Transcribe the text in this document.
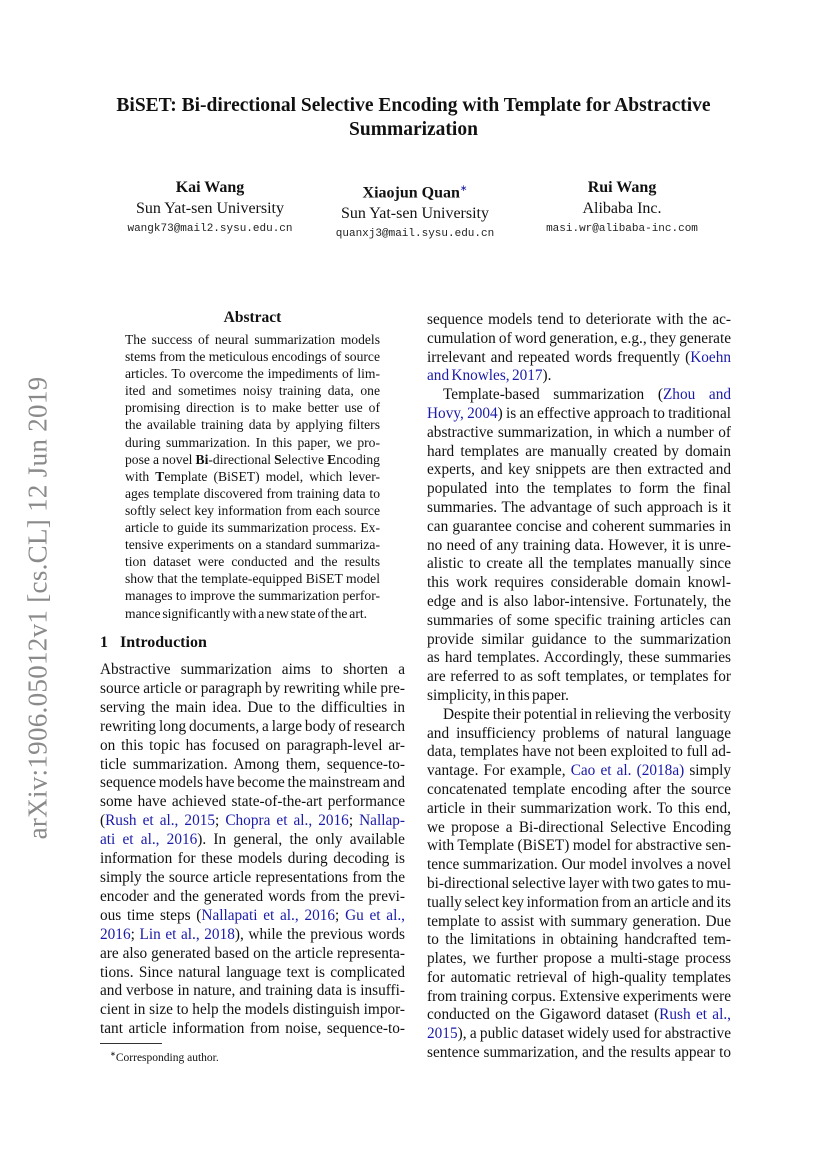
arXiv:1906.05012v1 [cs.CL] 12 Jun 2019
BiSET: Bi-directional Selective Encoding with Template for Abstractive
Summarization
Kai Wang
Sun Yat-sen University
wangk73@mail2.sysu.edu.cn
Xiaojun Quan∗
Sun Yat-sen University
quanxj3@mail.sysu.edu.cn
Rui Wang
Alibaba Inc.
masi.wr@alibaba-inc.com
Abstract
The success of neural summarization models
stems from the meticulous encodings of source
articles. To overcome the impediments of lim-
ited and sometimes noisy training data, one
promising direction is to make better use of
the available training data by applying filters
during summarization. In this paper, we pro-
pose a novel Bi-directional Selective Encoding
with Template (BiSET) model, which lever-
ages template discovered from training data to
softly select key information from each source
article to guide its summarization process. Ex-
tensive experiments on a standard summariza-
tion dataset were conducted and the results
show that the template-equipped BiSET model
manages to improve the summarization perfor-
mance significantly with a new state of the art.
1 Introduction
Abstractive summarization aims to shorten a
source article or paragraph by rewriting while pre-
serving the main idea. Due to the difficulties in
rewriting long documents, a large body of research
on this topic has focused on paragraph-level ar-
ticle summarization. Among them, sequence-to-
sequence models have become the mainstream and
some have achieved state-of-the-art performance
(Rush et al., 2015; Chopra et al., 2016; Nallap-
ati et al., 2016). In general, the only available
information for these models during decoding is
simply the source article representations from the
encoder and the generated words from the previ-
ous time steps (Nallapati et al., 2016; Gu et al.,
2016; Lin et al., 2018), while the previous words
are also generated based on the article representa-
tions. Since natural language text is complicated
and verbose in nature, and training data is insuffi-
cient in size to help the models distinguish impor-
tant article information from noise, sequence-to-
sequence models tend to deteriorate with the ac-
cumulation of word generation, e.g., they generate
irrelevant and repeated words frequently (Koehn
and Knowles, 2017).
Template-based summarization (Zhou and
Hovy, 2004) is an effective approach to traditional
abstractive summarization, in which a number of
hard templates are manually created by domain
experts, and key snippets are then extracted and
populated into the templates to form the final
summaries. The advantage of such approach is it
can guarantee concise and coherent summaries in
no need of any training data. However, it is unre-
alistic to create all the templates manually since
this work requires considerable domain knowl-
edge and is also labor-intensive. Fortunately, the
summaries of some specific training articles can
provide similar guidance to the summarization
as hard templates. Accordingly, these summaries
are referred to as soft templates, or templates for
simplicity, in this paper.
Despite their potential in relieving the verbosity
and insufficiency problems of natural language
data, templates have not been exploited to full ad-
vantage. For example, Cao et al. (2018a) simply
concatenated template encoding after the source
article in their summarization work. To this end,
we propose a Bi-directional Selective Encoding
with Template (BiSET) model for abstractive sen-
tence summarization. Our model involves a novel
bi-directional selective layer with two gates to mu-
tually select key information from an article and its
template to assist with summary generation. Due
to the limitations in obtaining handcrafted tem-
plates, we further propose a multi-stage process
for automatic retrieval of high-quality templates
from training corpus. Extensive experiments were
conducted on the Gigaword dataset (Rush et al.,
2015), a public dataset widely used for abstractive
sentence summarization, and the results appear to
∗Corresponding author.
